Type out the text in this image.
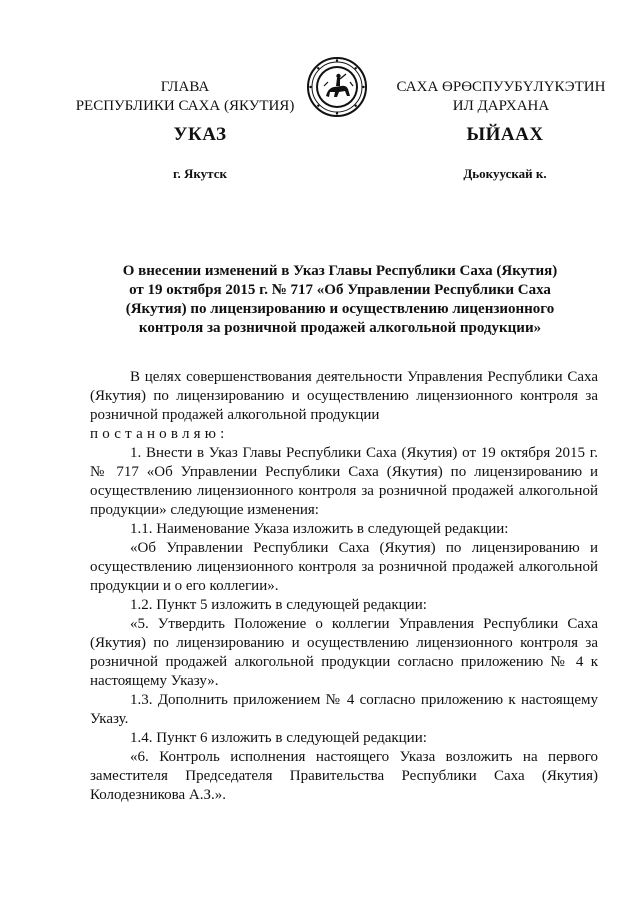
ГЛАВА
РЕСПУБЛИКИ САХА (ЯКУТИЯ)
САХА ӨРӨСПУУБҮЛҮКЭТИН
ИЛ ДАРХАНА
УКАЗ	ЫЙААХ
г. Якутск	Дьокуускай к.
О внесении изменений в Указ Главы Республики Саха (Якутия)
от 19 октября 2015 г. № 717 «Об Управлении Республики Саха
(Якутия) по лицензированию и осуществлению лицензионного
контроля за розничной продажей алкогольной продукции»

В целях совершенствования деятельности Управления Республики Саха (Якутия) по лицензированию и осуществлению лицензионного контроля за розничной продажей алкогольной продукции

постановляю:

1. Внести в Указ Главы Республики Саха (Якутия) от 19 октября 2015 г. № 717 «Об Управлении Республики Саха (Якутия) по лицензированию и осуществлению лицензионного контроля за розничной продажей алкогольной продукции» следующие изменения:

1.1. Наименование Указа изложить в следующей редакции:

«Об Управлении Республики Саха (Якутия) по лицензированию и осуществлению лицензионного контроля за розничной продажей алкогольной продукции и о его коллегии».

1.2. Пункт 5 изложить в следующей редакции:

«5. Утвердить Положение о коллегии Управления Республики Саха (Якутия) по лицензированию и осуществлению лицензионного контроля за розничной продажей алкогольной продукции согласно приложению № 4 к настоящему Указу».

1.3. Дополнить приложением № 4 согласно приложению к настоящему Указу.

1.4. Пункт 6 изложить в следующей редакции:

«6. Контроль исполнения настоящего Указа возложить на первого заместителя Председателя Правительства Республики Саха (Якутия) Колодезникова А.З.».
